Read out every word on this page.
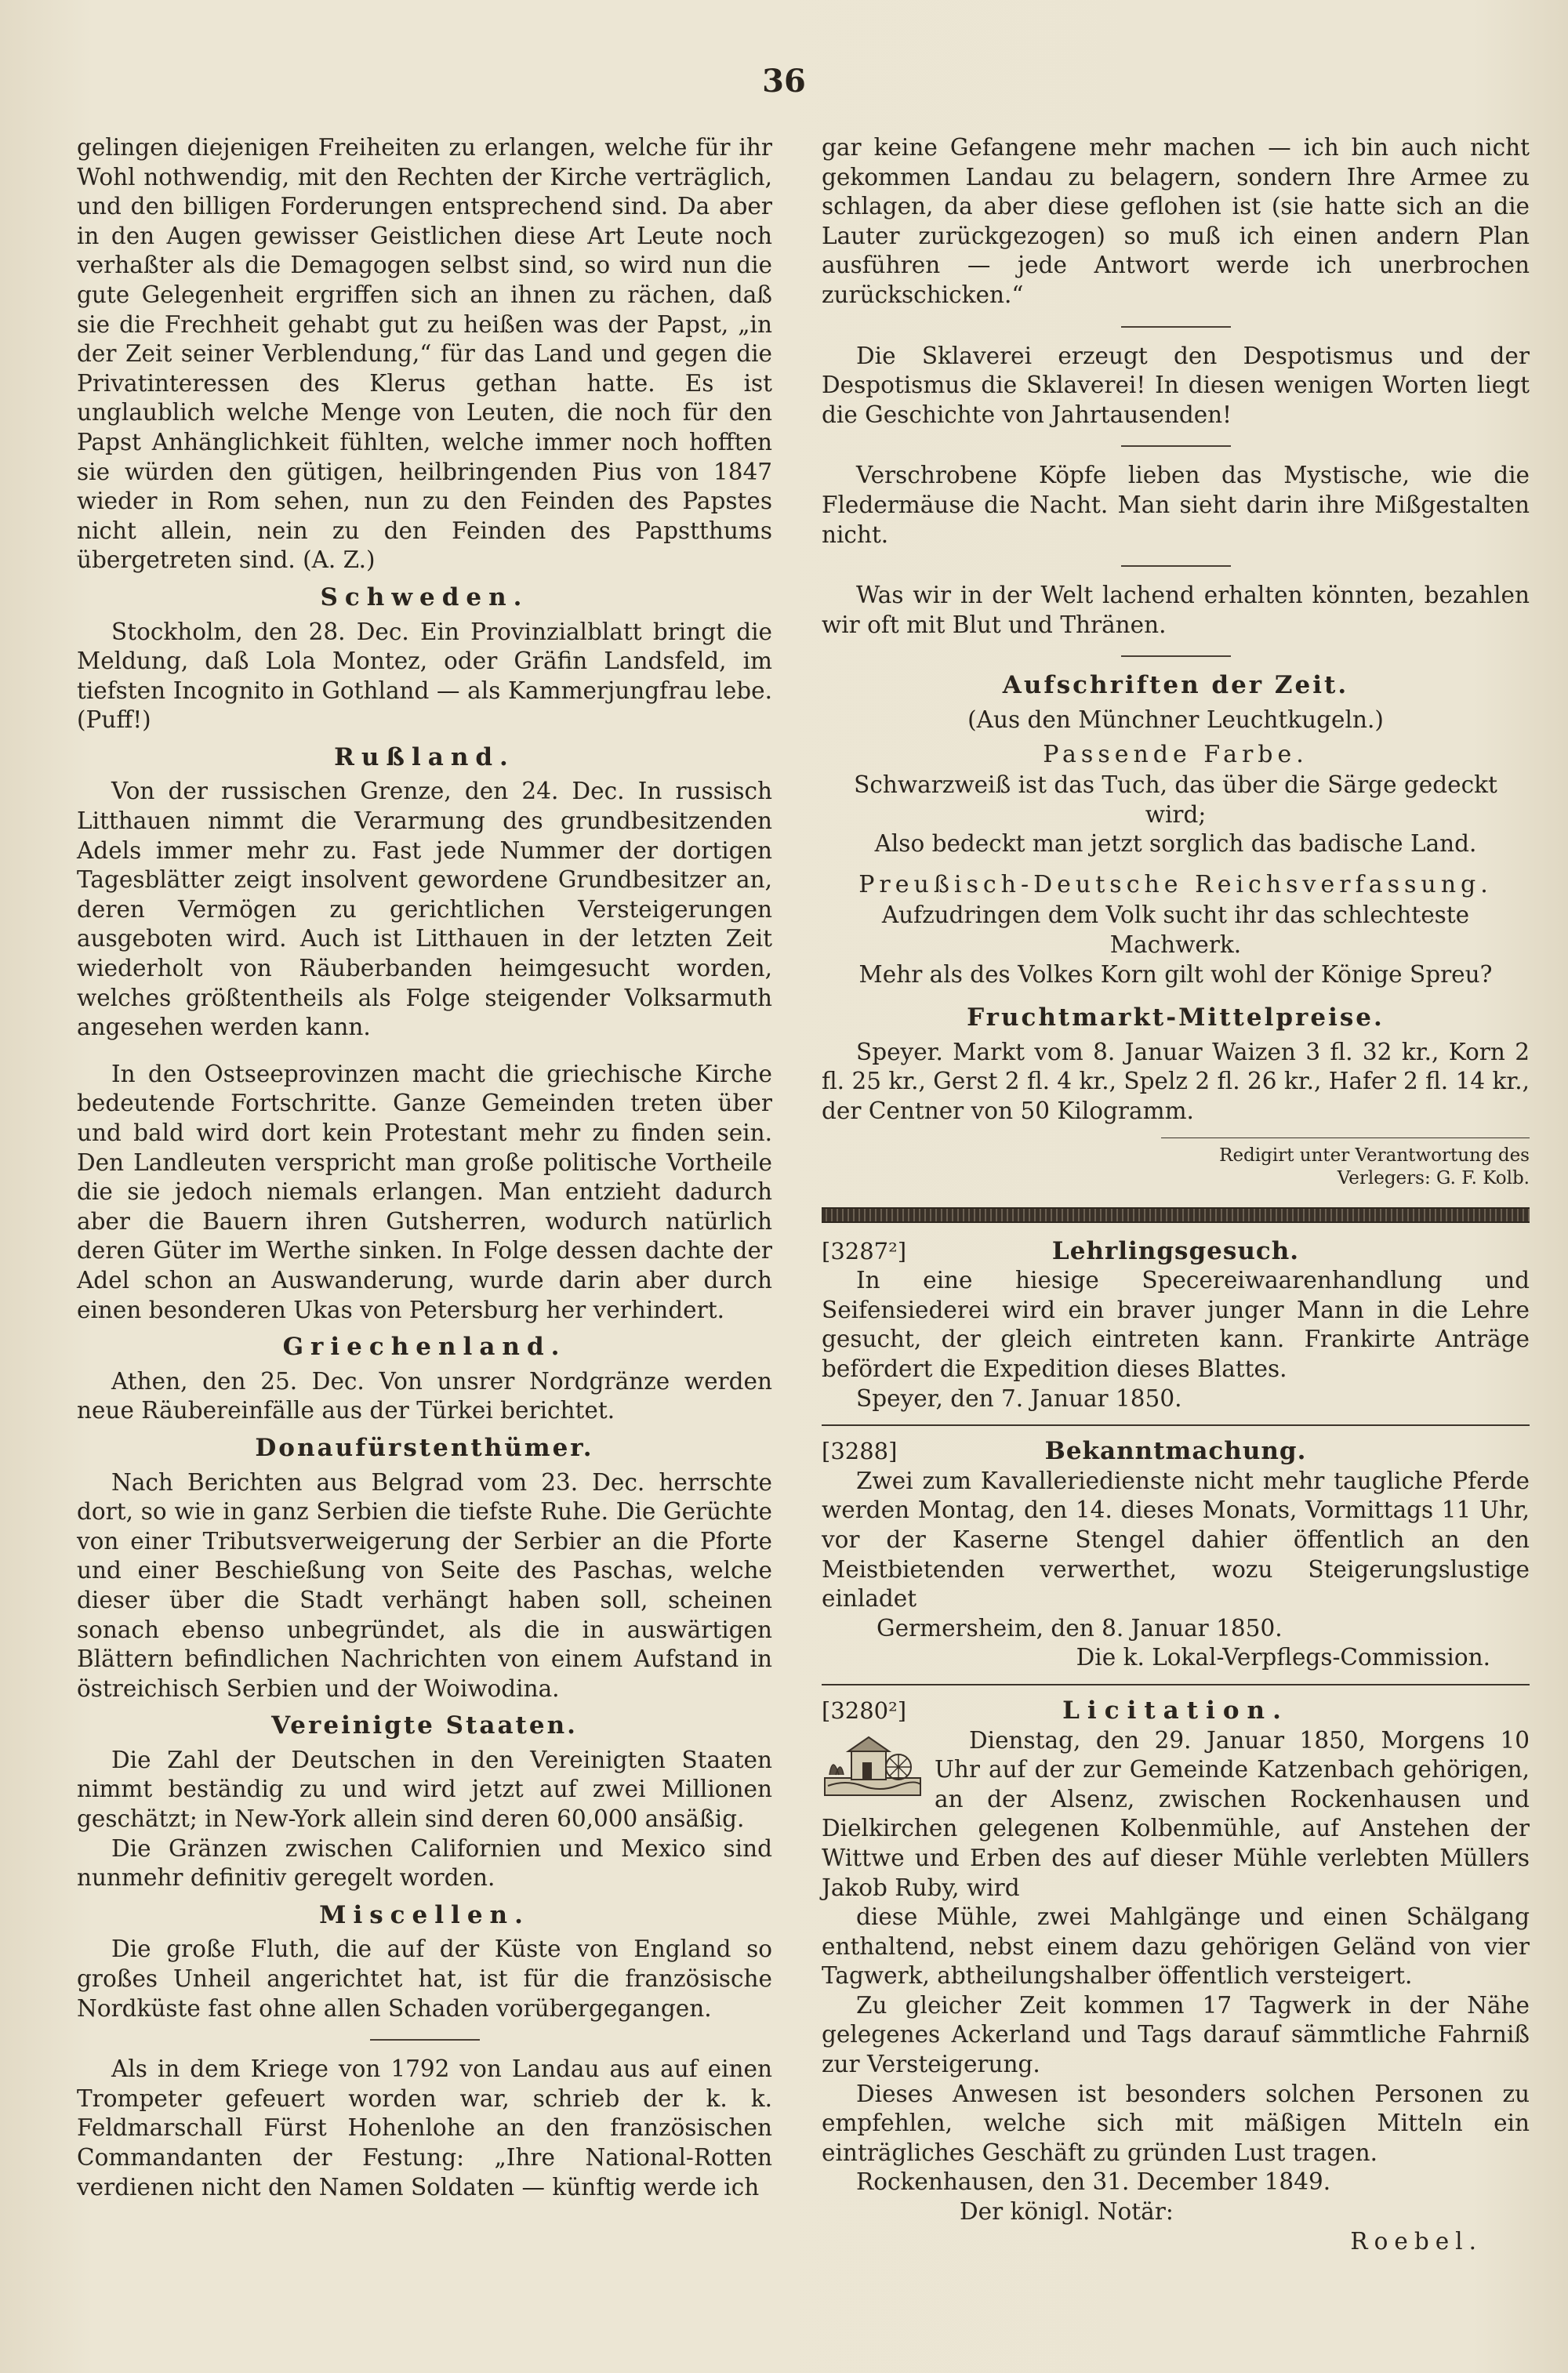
36

gelingen diejenigen Freiheiten zu erlangen, welche für ihr Wohl nothwendig, mit den Rechten der Kirche verträglich, und den billigen Forderungen entsprechend sind. Da aber in den Augen gewisser Geistlichen diese Art Leute noch verhaßter als die Demagogen selbst sind, so wird nun die gute Gelegenheit ergriffen sich an ihnen zu rächen, daß sie die Frechheit gehabt gut zu heißen was der Papst, „in der Zeit seiner Verblendung,“ für das Land und gegen die Privatinteressen des Klerus gethan hatte. Es ist unglaublich welche Menge von Leuten, die noch für den Papst Anhänglichkeit fühlten, welche immer noch hofften sie würden den gütigen, heilbringenden Pius von 1847 wieder in Rom sehen, nun zu den Feinden des Papstes nicht allein, nein zu den Feinden des Papstthums übergetreten sind. (A. Z.)

Schweden.

Stockholm, den 28. Dec. Ein Provinzialblatt bringt die Meldung, daß Lola Montez, oder Gräfin Landsfeld, im tiefsten Incognito in Gothland — als Kammerjungfrau lebe. (Puff!)

Rußland.

Von der russischen Grenze, den 24. Dec. In russisch Litthauen nimmt die Verarmung des grundbesitzenden Adels immer mehr zu. Fast jede Nummer der dortigen Tagesblätter zeigt insolvent gewordene Grundbesitzer an, deren Vermögen zu gerichtlichen Versteigerungen ausgeboten wird. Auch ist Litthauen in der letzten Zeit wiederholt von Räuberbanden heimgesucht worden, welches größtentheils als Folge steigender Volksarmuth angesehen werden kann.

In den Ostseeprovinzen macht die griechische Kirche bedeutende Fortschritte. Ganze Gemeinden treten über und bald wird dort kein Protestant mehr zu finden sein. Den Landleuten verspricht man große politische Vortheile die sie jedoch niemals erlangen. Man entzieht dadurch aber die Bauern ihren Gutsherren, wodurch natürlich deren Güter im Werthe sinken. In Folge dessen dachte der Adel schon an Auswanderung, wurde darin aber durch einen besonderen Ukas von Petersburg her verhindert.

Griechenland.

Athen, den 25. Dec. Von unsrer Nordgränze werden neue Räubereinfälle aus der Türkei berichtet.

Donaufürstenthümer.

Nach Berichten aus Belgrad vom 23. Dec. herrschte dort, so wie in ganz Serbien die tiefste Ruhe. Die Gerüchte von einer Tributsverweigerung der Serbier an die Pforte und einer Beschießung von Seite des Paschas, welche dieser über die Stadt verhängt haben soll, scheinen sonach ebenso unbegründet, als die in auswärtigen Blättern befindlichen Nachrichten von einem Aufstand in östreichisch Serbien und der Woiwodina.

Vereinigte Staaten.

Die Zahl der Deutschen in den Vereinigten Staaten nimmt beständig zu und wird jetzt auf zwei Millionen geschätzt; in New-York allein sind deren 60,000 ansäßig.

Die Gränzen zwischen Californien und Mexico sind nunmehr definitiv geregelt worden.

Miscellen.

Die große Fluth, die auf der Küste von England so großes Unheil angerichtet hat, ist für die französische Nordküste fast ohne allen Schaden vorübergegangen.

Als in dem Kriege von 1792 von Landau aus auf einen Trompeter gefeuert worden war, schrieb der k. k. Feldmarschall Fürst Hohenlohe an den französischen Commandanten der Festung: „Ihre National-Rotten verdienen nicht den Namen Soldaten — künftig werde ich

gar keine Gefangene mehr machen — ich bin auch nicht gekommen Landau zu belagern, sondern Ihre Armee zu schlagen, da aber diese geflohen ist (sie hatte sich an die Lauter zurückgezogen) so muß ich einen andern Plan ausführen — jede Antwort werde ich unerbrochen zurückschicken.“

Die Sklaverei erzeugt den Despotismus und der Despotismus die Sklaverei! In diesen wenigen Worten liegt die Geschichte von Jahrtausenden!

Verschrobene Köpfe lieben das Mystische, wie die Fledermäuse die Nacht. Man sieht darin ihre Mißgestalten nicht.

Was wir in der Welt lachend erhalten könnten, bezahlen wir oft mit Blut und Thränen.

Aufschriften der Zeit.

(Aus den Münchner Leuchtkugeln.)

Passende Farbe.

Schwarzweiß ist das Tuch, das über die Särge gedeckt wird;

Also bedeckt man jetzt sorglich das badische Land.

Preußisch-Deutsche Reichsverfassung.

Aufzudringen dem Volk sucht ihr das schlechteste Machwerk.

Mehr als des Volkes Korn gilt wohl der Könige Spreu?

Fruchtmarkt-Mittelpreise.

Speyer. Markt vom 8. Januar Waizen 3 fl. 32 kr., Korn 2 fl. 25 kr., Gerst 2 fl. 4 kr., Spelz 2 fl. 26 kr., Hafer 2 fl. 14 kr., der Centner von 50 Kilogramm.

Redigirt unter Verantwortung des
Verlegers: G. F. Kolb.
[3287²]	Lehrlingsgesuch.

In eine hiesige Specereiwaarenhandlung und Seifensiederei wird ein braver junger Mann in die Lehre gesucht, der gleich eintreten kann. Frankirte Anträge befördert die Expedition dieses Blattes.

Speyer, den 7. Januar 1850.

[3288]	Bekanntmachung.

Zwei zum Kavalleriedienste nicht mehr taugliche Pferde werden Montag, den 14. dieses Monats, Vormittags 11 Uhr, vor der Kaserne Stengel dahier öffentlich an den Meistbietenden verwerthet, wozu Steigerungslustige einladet

Germersheim, den 8. Januar 1850.

Die k. Lokal-Verpflegs-Commission.

[3280²]	Licitation.

Dienstag, den 29. Januar 1850, Morgens 10 Uhr auf der zur Gemeinde Katzenbach gehörigen, an der Alsenz, zwischen Rockenhausen und Dielkirchen gelegenen Kolbenmühle, auf Anstehen der Wittwe und Erben des auf dieser Mühle verlebten Müllers Jakob Ruby, wird

diese Mühle, zwei Mahlgänge und einen Schälgang enthaltend, nebst einem dazu gehörigen Geländ von vier Tagwerk, abtheilungshalber öffentlich versteigert.

Zu gleicher Zeit kommen 17 Tagwerk in der Nähe gelegenes Ackerland und Tags darauf sämmtliche Fahrniß zur Versteigerung.

Dieses Anwesen ist besonders solchen Personen zu empfehlen, welche sich mit mäßigen Mitteln ein einträgliches Geschäft zu gründen Lust tragen.

Rockenhausen, den 31. December 1849.

Der königl. Notär:

Roebel.
